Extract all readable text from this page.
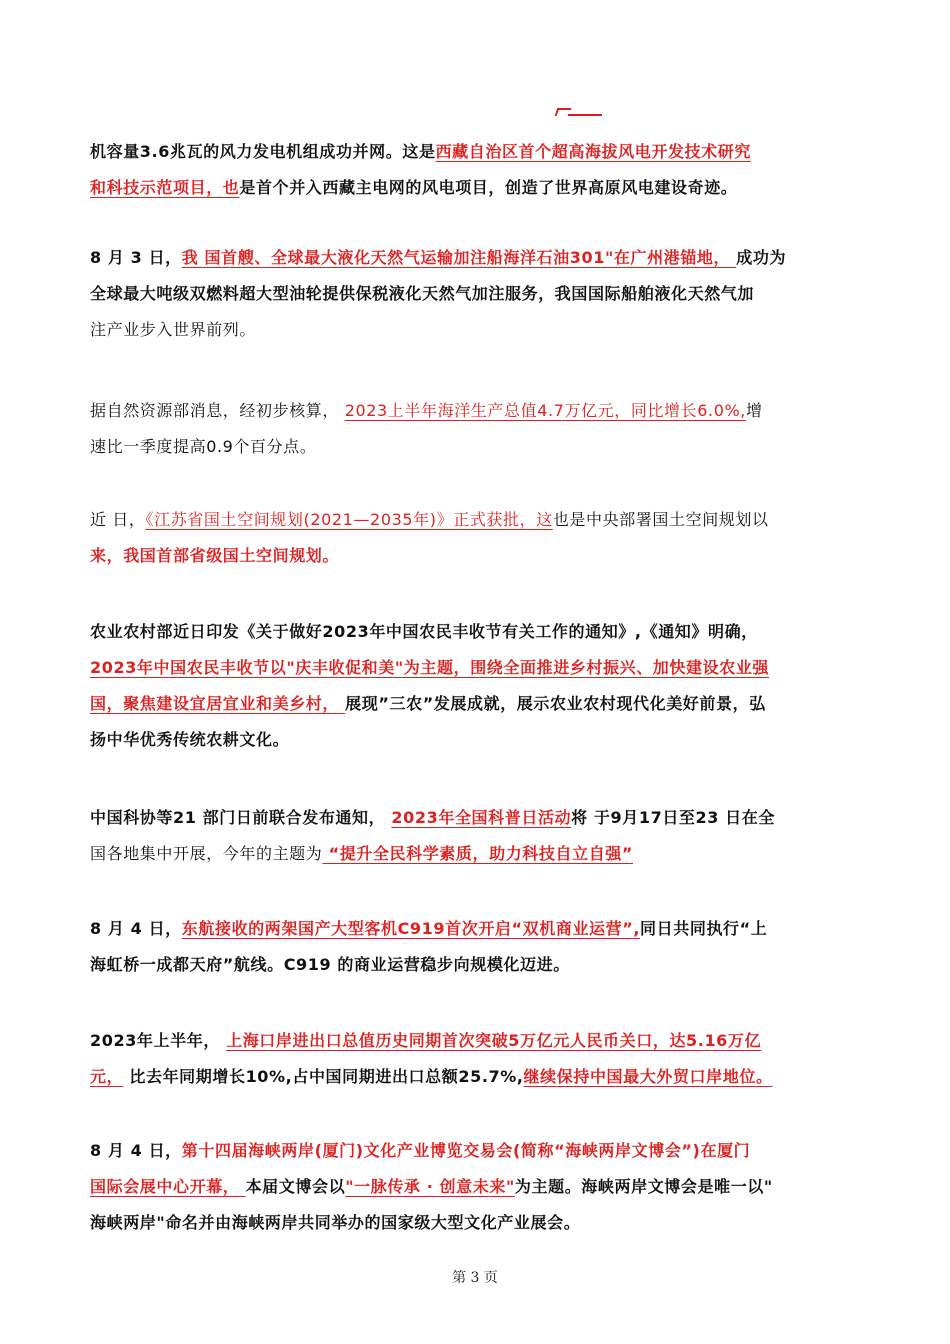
机容量3.6兆瓦的风力发电机组成功并网。这是西藏自治区首个超高海拔风电开发技术研究
和科技示范项目，也是首个并入西藏主电网的风电项目，创造了世界高原风电建设奇迹。
8 月 3 日，我 国首艘、全球最大液化天然气运输加注船海洋石油301"在广州港锚地， 成功为
全球最大吨级双燃料超大型油轮提供保税液化天然气加注服务，我国国际船舶液化天然气加
注产业步入世界前列。
据自然资源部消息，经初步核算， 2023上半年海洋生产总值4.7万亿元，同比增长6.0%,增
速比一季度提高0.9个百分点。
近 日，《江苏省国土空间规划(2021—2035年)》正式获批，这也是中央部署国土空间规划以
来，我国首部省级国土空间规划。
农业农村部近日印发《关于做好2023年中国农民丰收节有关工作的通知》,《通知》明确，
2023年中国农民丰收节以"庆丰收促和美"为主题，围绕全面推进乡村振兴、加快建设农业强
国，聚焦建设宜居宜业和美乡村， 展现”三农”发展成就，展示农业农村现代化美好前景，弘
扬中华优秀传统农耕文化。
中国科协等21 部门日前联合发布通知， 2023年全国科普日活动将 于9月17日至23 日在全
国各地集中开展，今年的主题为 “提升全民科学素质，助力科技自立自强”
8 月 4 日，东航接收的两架国产大型客机C919首次开启“双机商业运营”,同日共同执行“上
海虹桥一成都天府”航线。C919 的商业运营稳步向规模化迈进。
2023年上半年， 上海口岸进出口总值历史同期首次突破5万亿元人民币关口，达5.16万亿
元， 比去年同期增长10%,占中国同期进出口总额25.7%,继续保持中国最大外贸口岸地位。
8 月 4 日，第十四届海峡两岸(厦门)文化产业博览交易会(简称“海峡两岸文博会”)在厦门
国际会展中心开幕， 本届文博会以"一脉传承 · 创意未来"为主题。海峡两岸文博会是唯一以"
海峡两岸"命名并由海峡两岸共同举办的国家级大型文化产业展会。
第 3 页
